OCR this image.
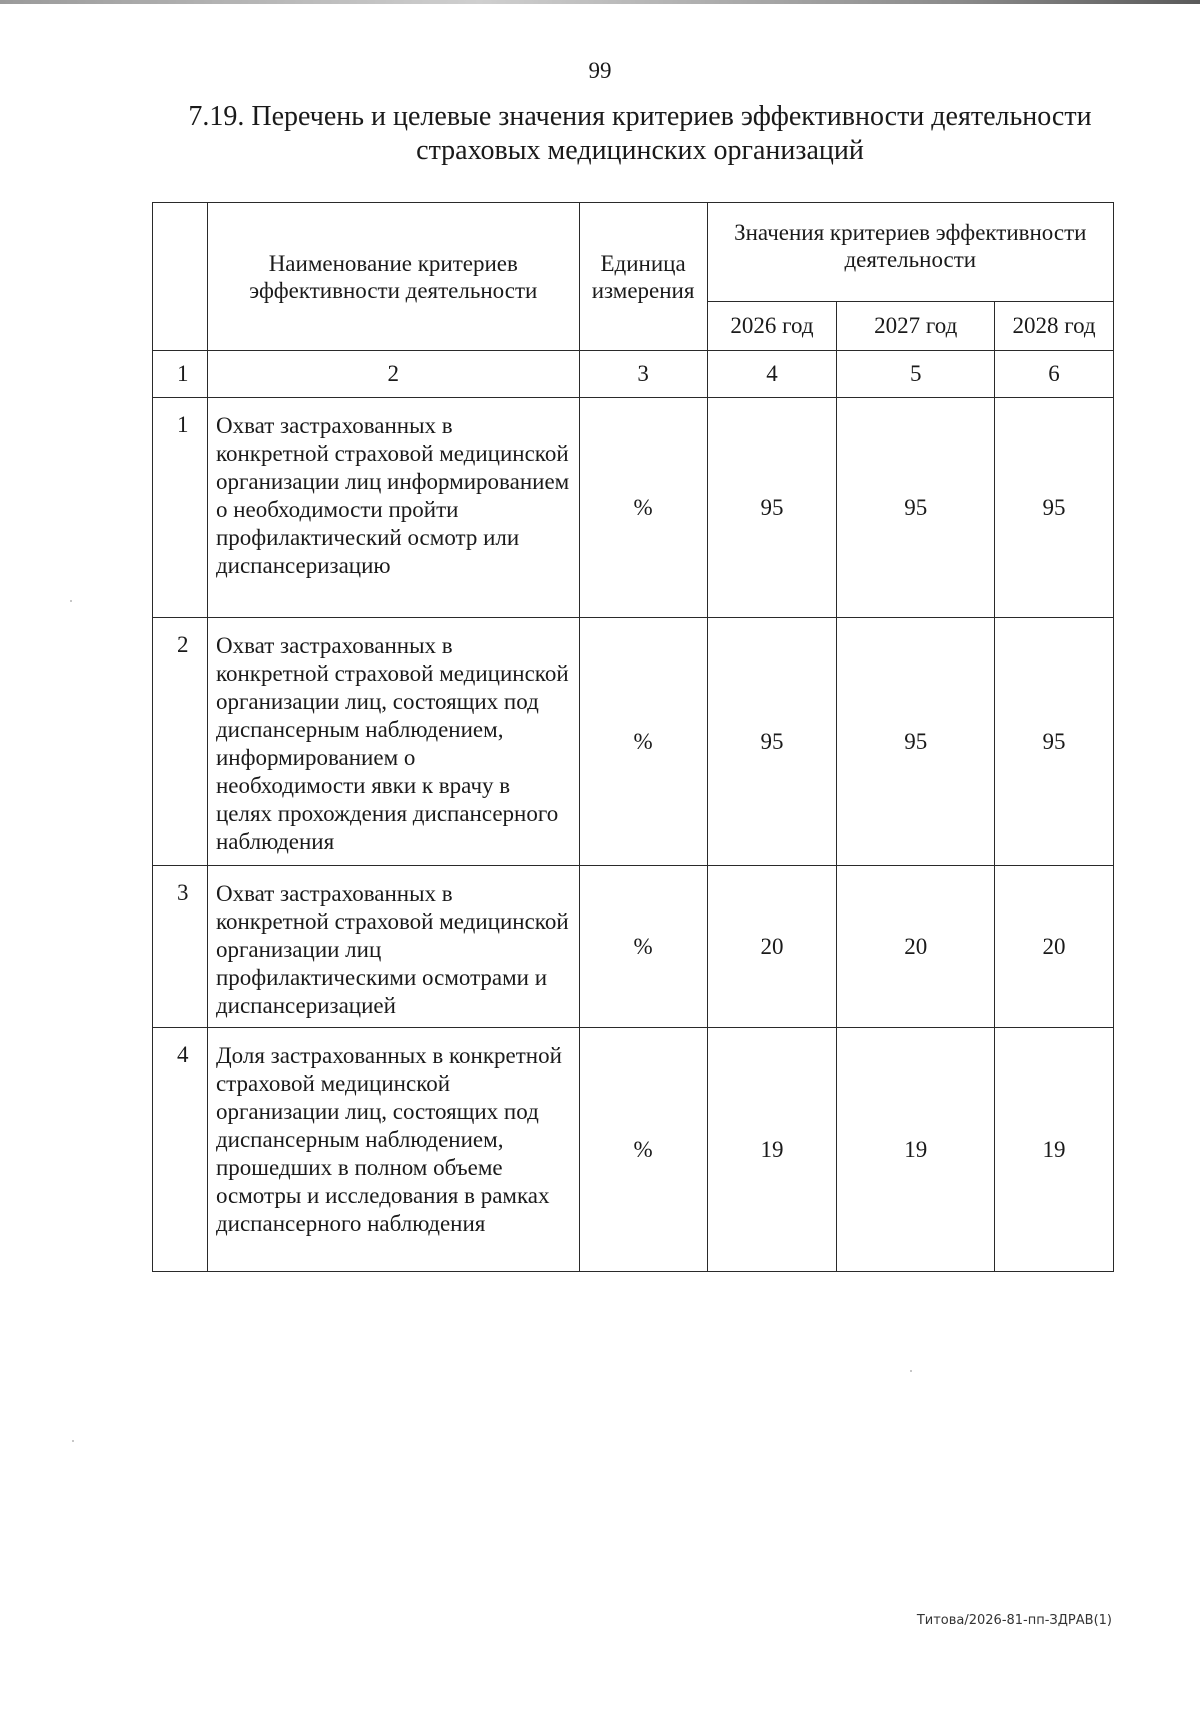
99
7.19. Перечень и целевые значения критериев эффективности деятельности
страховых медицинских организаций
	Наименование критериев эффективности деятельности	Единица измерения	Значения критериев эффективности деятельности		
			2026 год	2027 год	2028 год
1	2	3	4	5	6
1	Охват застрахованных в конкретной страховой медицинской организации лиц информированием о необходимости пройти профилактический осмотр или диспансеризацию	%	95	95	95
2	Охват застрахованных в конкретной страховой медицинской организации лиц, состоящих под диспансерным наблюдением, информированием о необходимости явки к врачу в целях прохождения диспансерного наблюдения	%	95	95	95
3	Охват застрахованных в конкретной страховой медицинской организации лиц профилактическими осмотрами и диспансеризацией	%	20	20	20
4	Доля застрахованных в конкретной страховой медицинской организации лиц, состоящих под диспансерным наблюдением, прошедших в полном объеме осмотры и исследования в рамках диспансерного наблюдения	%	19	19	19
Титова/2026-81-пп-ЗДРАВ(1)
